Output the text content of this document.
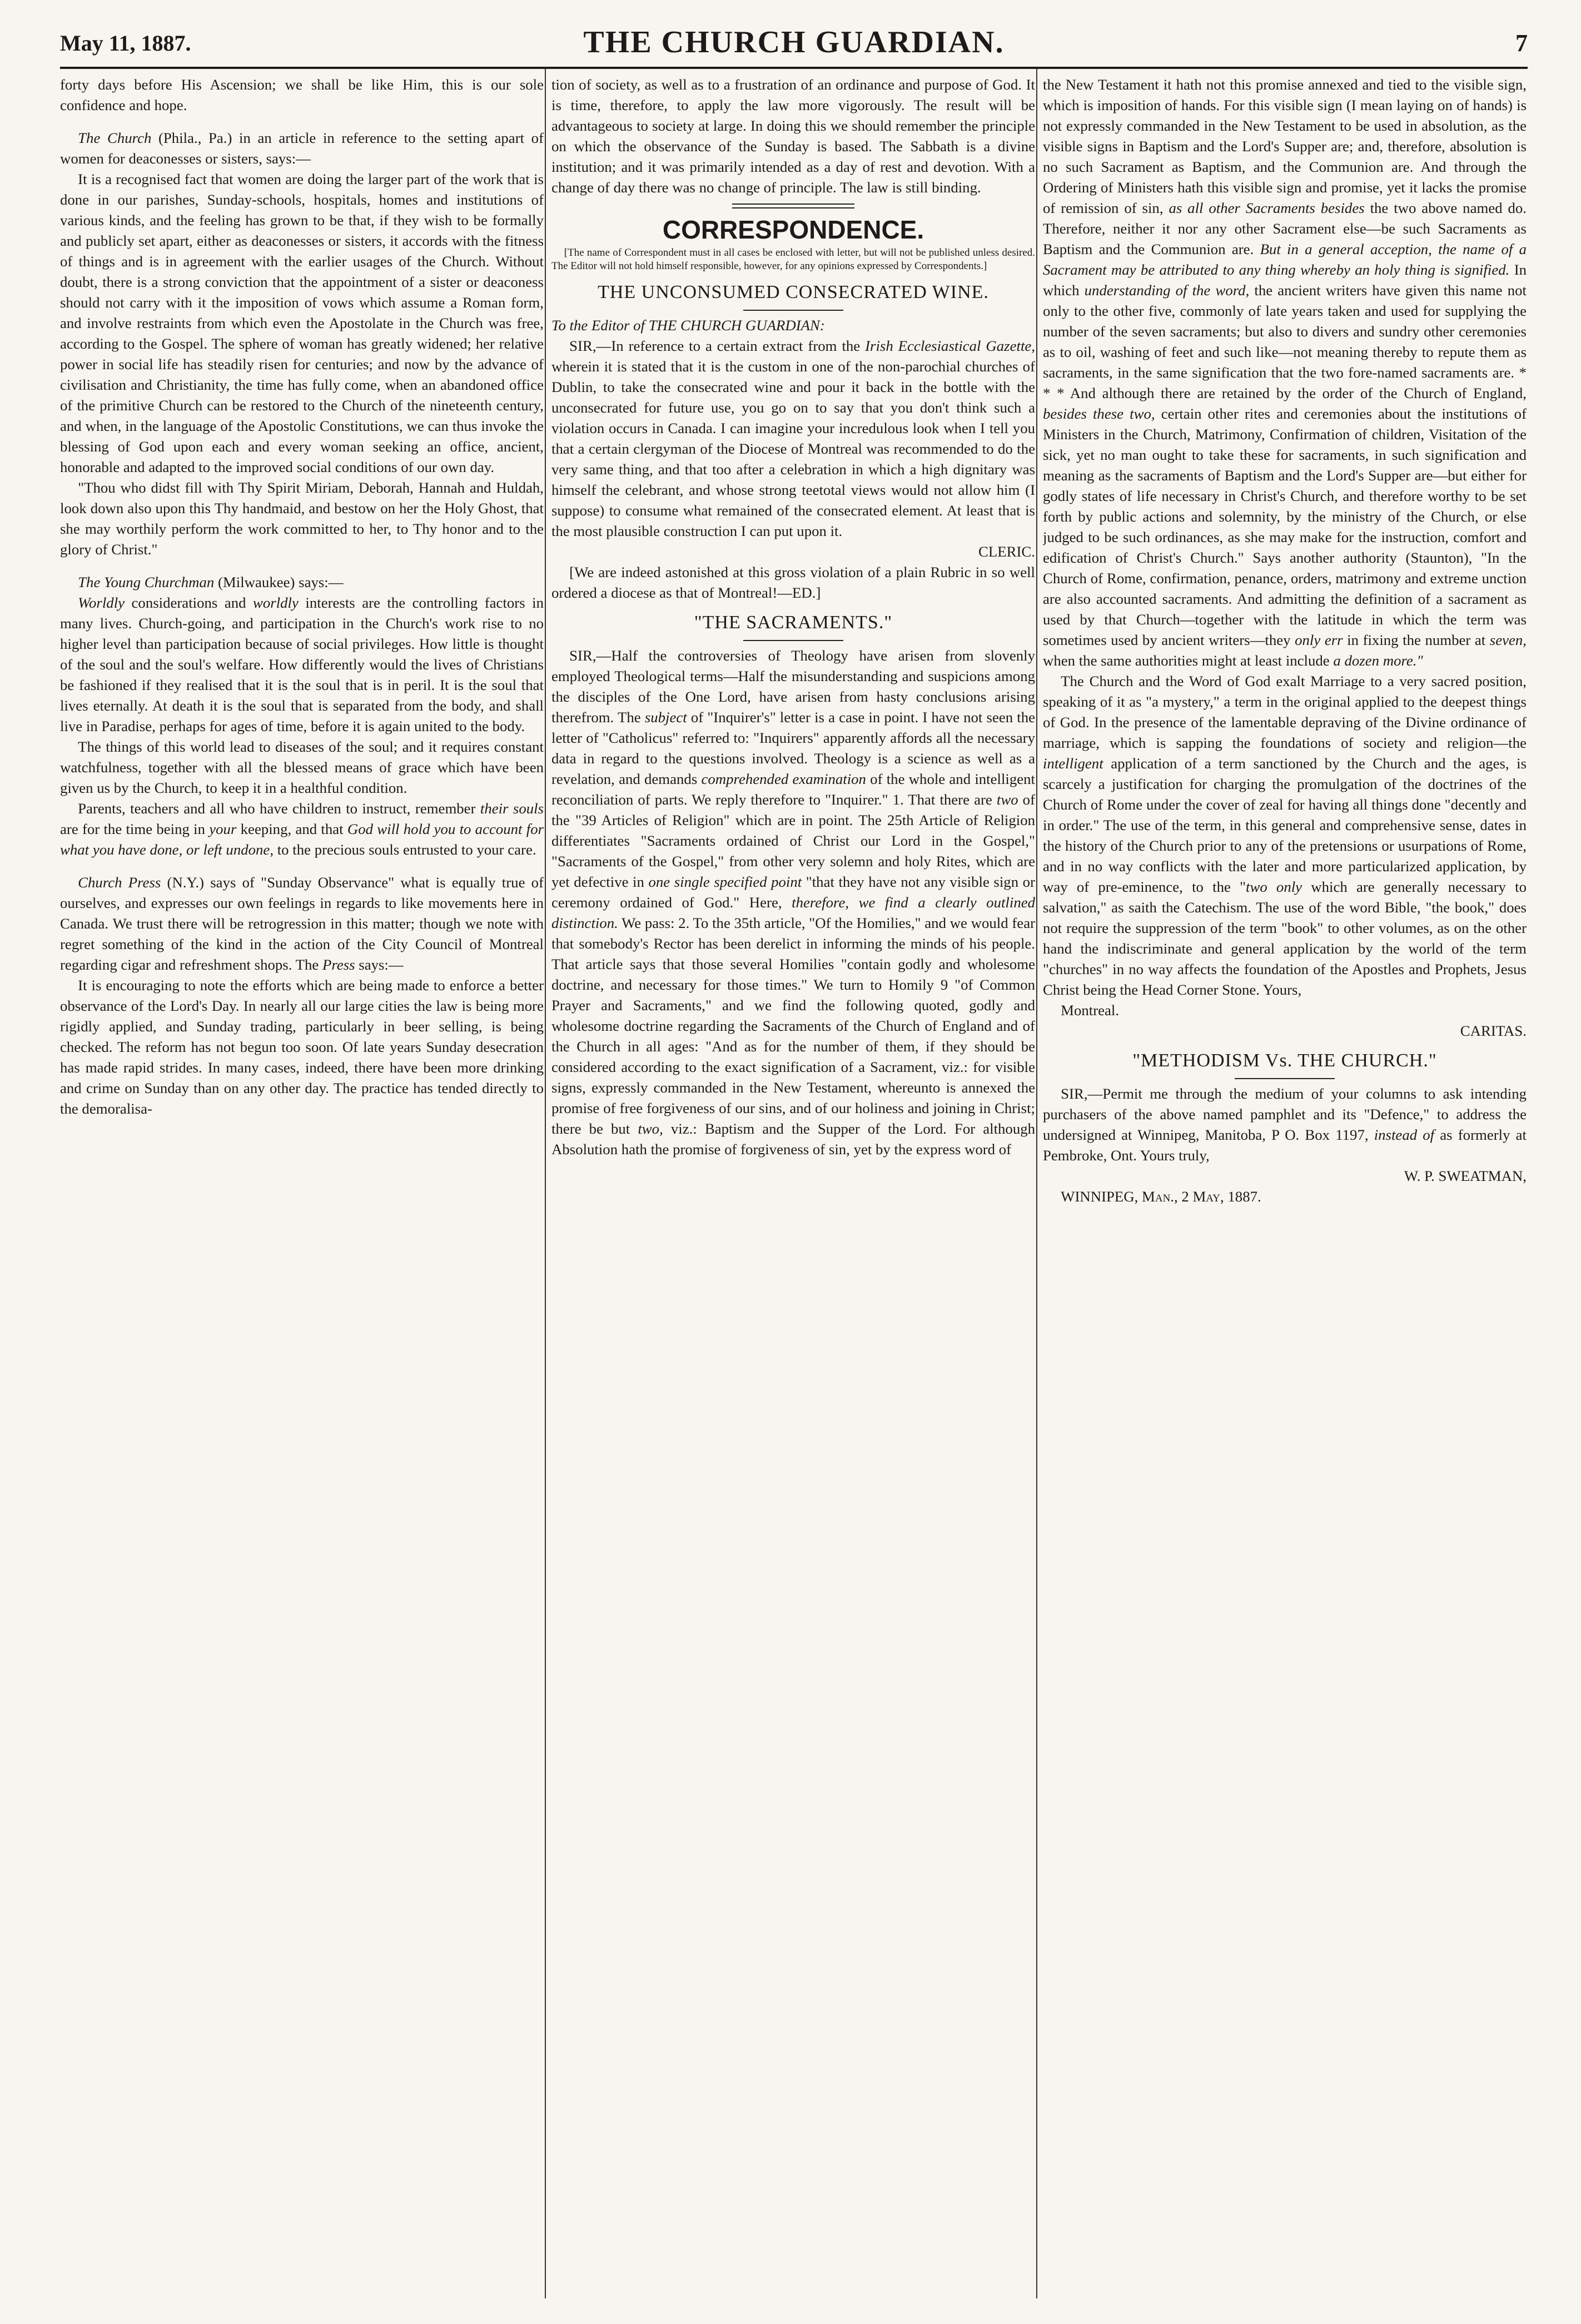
May 11, 1887.	THE CHURCH GUARDIAN.	7

forty days before His Ascension; we shall be like Him, this is our sole confidence and hope.

The Church (Phila., Pa.) in an article in reference to the setting apart of women for deaconesses or sisters, says:—

It is a recognised fact that women are doing the larger part of the work that is done in our parishes, Sunday-schools, hospitals, homes and institutions of various kinds, and the feeling has grown to be that, if they wish to be formally and publicly set apart, either as deaconesses or sisters, it accords with the fitness of things and is in agreement with the earlier usages of the Church. Without doubt, there is a strong conviction that the appointment of a sister or deaconess should not carry with it the imposition of vows which assume a Roman form, and involve restraints from which even the Apostolate in the Church was free, according to the Gospel. The sphere of woman has greatly widened; her relative power in social life has steadily risen for centuries; and now by the advance of civilisation and Christianity, the time has fully come, when an abandoned office of the primitive Church can be restored to the Church of the nineteenth century, and when, in the language of the Apostolic Constitutions, we can thus invoke the blessing of God upon each and every woman seeking an office, ancient, honorable and adapted to the improved social conditions of our own day.

"Thou who didst fill with Thy Spirit Miriam, Deborah, Hannah and Huldah, look down also upon this Thy handmaid, and bestow on her the Holy Ghost, that she may worthily perform the work committed to her, to Thy honor and to the glory of Christ."

The Young Churchman (Milwaukee) says:—

Worldly considerations and worldly interests are the controlling factors in many lives. Church-going, and participation in the Church's work rise to no higher level than participation because of social privileges. How little is thought of the soul and the soul's welfare. How differently would the lives of Christians be fashioned if they realised that it is the soul that is in peril. It is the soul that lives eternally. At death it is the soul that is separated from the body, and shall live in Paradise, perhaps for ages of time, before it is again united to the body.

The things of this world lead to diseases of the soul; and it requires constant watchfulness, together with all the blessed means of grace which have been given us by the Church, to keep it in a healthful condition.

Parents, teachers and all who have children to instruct, remember their souls are for the time being in your keeping, and that God will hold you to account for what you have done, or left undone, to the precious souls entrusted to your care.

Church Press (N.Y.) says of "Sunday Observance" what is equally true of ourselves, and expresses our own feelings in regards to like movements here in Canada. We trust there will be retrogression in this matter; though we note with regret something of the kind in the action of the City Council of Montreal regarding cigar and refreshment shops. The Press says:—

It is encouraging to note the efforts which are being made to enforce a better observance of the Lord's Day. In nearly all our large cities the law is being more rigidly applied, and Sunday trading, particularly in beer selling, is being checked. The reform has not begun too soon. Of late years Sunday desecration has made rapid strides. In many cases, indeed, there have been more drinking and crime on Sunday than on any other day. The practice has tended directly to the demoralisa-

tion of society, as well as to a frustration of an ordinance and purpose of God. It is time, therefore, to apply the law more vigorously. The result will be advantageous to society at large. In doing this we should remember the principle on which the observance of the Sunday is based. The Sabbath is a divine institution; and it was primarily intended as a day of rest and devotion. With a change of day there was no change of principle. The law is still binding.

CORRESPONDENCE.

[The name of Correspondent must in all cases be enclosed with letter, but will not be published unless desired. The Editor will not hold himself responsible, however, for any opinions expressed by Correspondents.]

THE UNCONSUMED CONSECRATED WINE.

To the Editor of THE CHURCH GUARDIAN:

SIR,—In reference to a certain extract from the Irish Ecclesiastical Gazette, wherein it is stated that it is the custom in one of the non-parochial churches of Dublin, to take the consecrated wine and pour it back in the bottle with the unconsecrated for future use, you go on to say that you don't think such a violation occurs in Canada. I can imagine your incredulous look when I tell you that a certain clergyman of the Diocese of Montreal was recommended to do the very same thing, and that too after a celebration in which a high dignitary was himself the celebrant, and whose strong teetotal views would not allow him (I suppose) to consume what remained of the consecrated element. At least that is the most plausible construction I can put upon it.

CLERIC.

[We are indeed astonished at this gross violation of a plain Rubric in so well ordered a diocese as that of Montreal!—ED.]

"THE SACRAMENTS."

SIR,—Half the controversies of Theology have arisen from slovenly employed Theological terms—Half the misunderstanding and suspicions among the disciples of the One Lord, have arisen from hasty conclusions arising therefrom. The subject of "Inquirer's" letter is a case in point. I have not seen the letter of "Catholicus" referred to: "Inquirers" apparently affords all the necessary data in regard to the questions involved. Theology is a science as well as a revelation, and demands comprehended examination of the whole and intelligent reconciliation of parts. We reply therefore to "Inquirer." 1. That there are two of the "39 Articles of Religion" which are in point. The 25th Article of Religion differentiates "Sacraments ordained of Christ our Lord in the Gospel," "Sacraments of the Gospel," from other very solemn and holy Rites, which are yet defective in one single specified point "that they have not any visible sign or ceremony ordained of God." Here, therefore, we find a clearly outlined distinction. We pass: 2. To the 35th article, "Of the Homilies," and we would fear that somebody's Rector has been derelict in informing the minds of his people. That article says that those several Homilies "contain godly and wholesome doctrine, and necessary for those times." We turn to Homily 9 "of Common Prayer and Sacraments," and we find the following quoted, godly and wholesome doctrine regarding the Sacraments of the Church of England and of the Church in all ages: "And as for the number of them, if they should be considered according to the exact signification of a Sacrament, viz.: for visible signs, expressly commanded in the New Testament, whereunto is annexed the promise of free forgiveness of our sins, and of our holiness and joining in Christ; there be but two, viz.: Baptism and the Supper of the Lord. For although Absolution hath the promise of forgiveness of sin, yet by the express word of

the New Testament it hath not this promise annexed and tied to the visible sign, which is imposition of hands. For this visible sign (I mean laying on of hands) is not expressly commanded in the New Testament to be used in absolution, as the visible signs in Baptism and the Lord's Supper are; and, therefore, absolution is no such Sacrament as Baptism, and the Communion are. And through the Ordering of Ministers hath this visible sign and promise, yet it lacks the promise of remission of sin, as all other Sacraments besides the two above named do. Therefore, neither it nor any other Sacrament else—be such Sacraments as Baptism and the Communion are. But in a general acception, the name of a Sacrament may be attributed to any thing whereby an holy thing is signified. In which understanding of the word, the ancient writers have given this name not only to the other five, commonly of late years taken and used for supplying the number of the seven sacraments; but also to divers and sundry other ceremonies as to oil, washing of feet and such like—not meaning thereby to repute them as sacraments, in the same signification that the two fore-named sacraments are. * * * And although there are retained by the order of the Church of England, besides these two, certain other rites and ceremonies about the institutions of Ministers in the Church, Matrimony, Confirmation of children, Visitation of the sick, yet no man ought to take these for sacraments, in such signification and meaning as the sacraments of Baptism and the Lord's Supper are—but either for godly states of life necessary in Christ's Church, and therefore worthy to be set forth by public actions and solemnity, by the ministry of the Church, or else judged to be such ordinances, as she may make for the instruction, comfort and edification of Christ's Church." Says another authority (Staunton), "In the Church of Rome, confirmation, penance, orders, matrimony and extreme unction are also accounted sacraments. And admitting the definition of a sacrament as used by that Church—together with the latitude in which the term was sometimes used by ancient writers—they only err in fixing the number at seven, when the same authorities might at least include a dozen more."

The Church and the Word of God exalt Marriage to a very sacred position, speaking of it as "a mystery," a term in the original applied to the deepest things of God. In the presence of the lamentable depraving of the Divine ordinance of marriage, which is sapping the foundations of society and religion—the intelligent application of a term sanctioned by the Church and the ages, is scarcely a justification for charging the promulgation of the doctrines of the Church of Rome under the cover of zeal for having all things done "decently and in order." The use of the term, in this general and comprehensive sense, dates in the history of the Church prior to any of the pretensions or usurpations of Rome, and in no way conflicts with the later and more particularized application, by way of pre-eminence, to the "two only which are generally necessary to salvation," as saith the Catechism. The use of the word Bible, "the book," does not require the suppression of the term "book" to other volumes, as on the other hand the indiscriminate and general application by the world of the term "churches" in no way affects the foundation of the Apostles and Prophets, Jesus Christ being the Head Corner Stone. Yours,

Montreal.

CARITAS.

"METHODISM Vs. THE CHURCH."

SIR,—Permit me through the medium of your columns to ask intending purchasers of the above named pamphlet and its "Defence," to address the undersigned at Winnipeg, Manitoba, P O. Box 1197, instead of as formerly at Pembroke, Ont. Yours truly,

W. P. SWEATMAN,

WINNIPEG, Man., 2 May, 1887.
